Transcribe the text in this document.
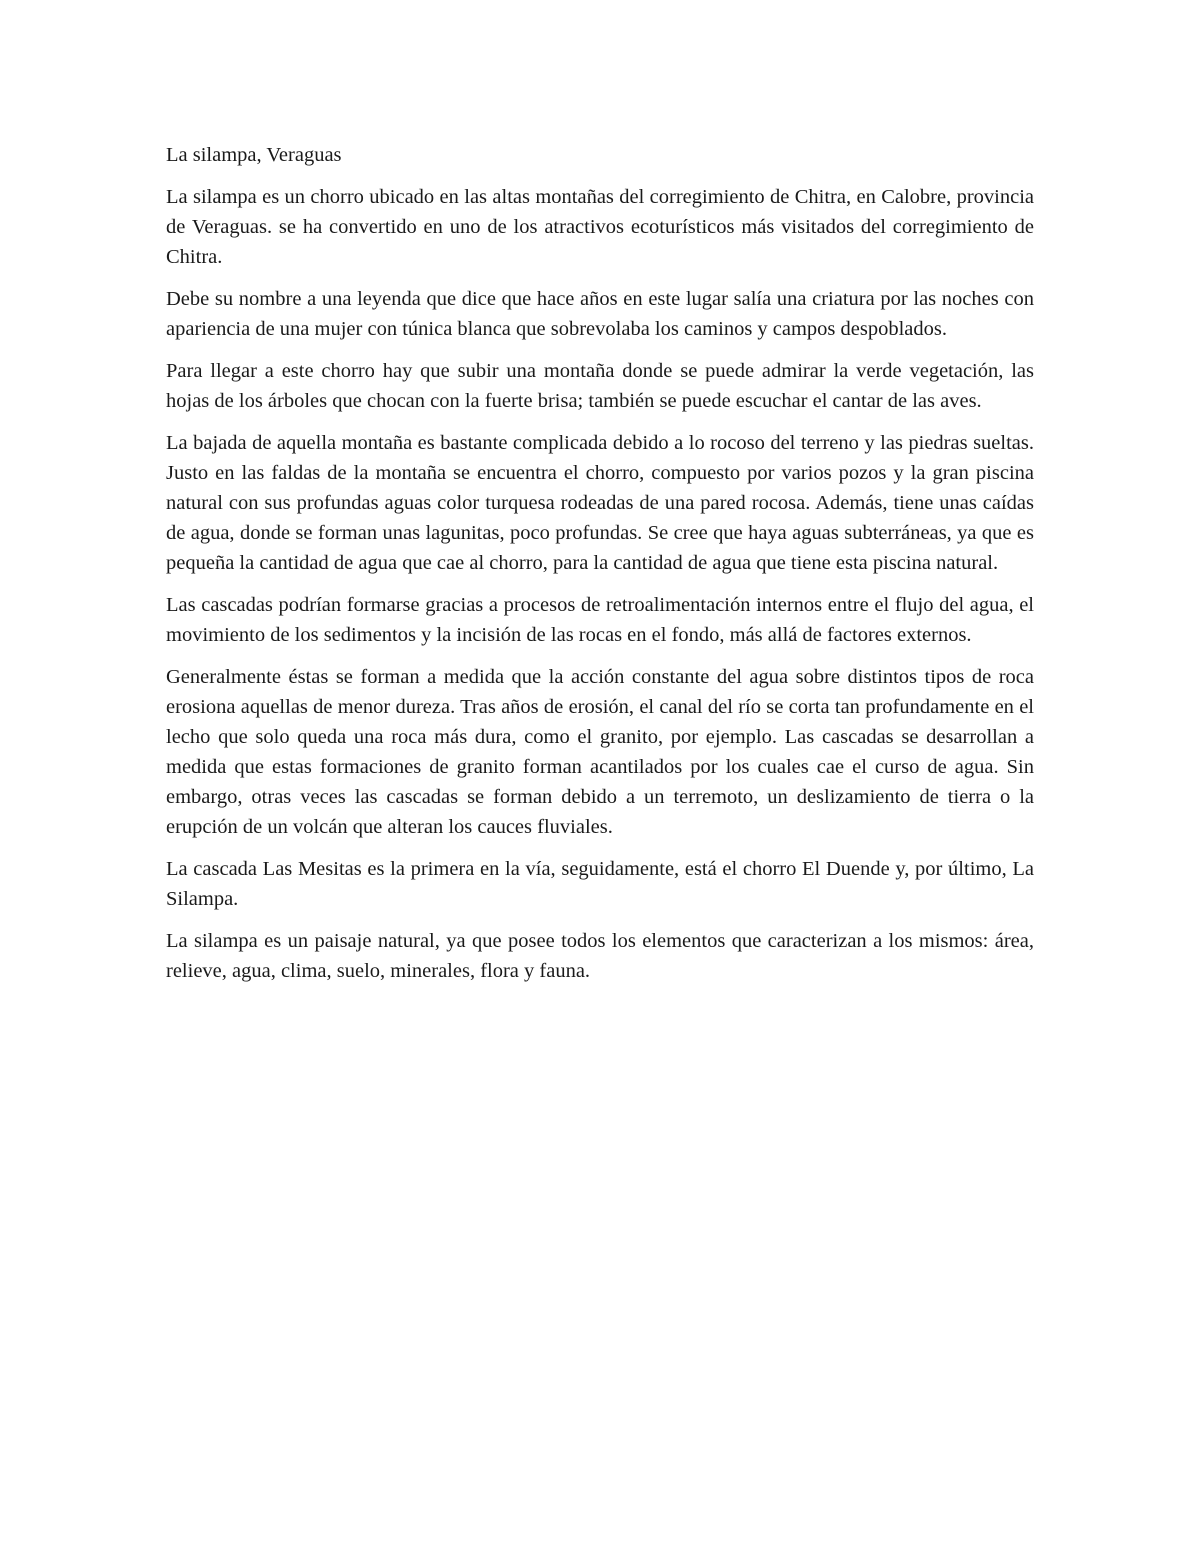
La silampa, Veraguas

La silampa es un chorro ubicado en las altas montañas del corregimiento de Chitra, en Calobre, provincia de Veraguas. se ha convertido en uno de los atractivos ecoturísticos más visitados del corregimiento de Chitra.

Debe su nombre a una leyenda que dice que hace años en este lugar salía una criatura por las noches con apariencia de una mujer con túnica blanca que sobrevolaba los caminos y campos despoblados.

Para llegar a este chorro hay que subir una montaña donde se puede admirar la verde vegetación, las hojas de los árboles que chocan con la fuerte brisa; también se puede escuchar el cantar de las aves.

La bajada de aquella montaña es bastante complicada debido a lo rocoso del terreno y las piedras sueltas. Justo en las faldas de la montaña se encuentra el chorro, compuesto por varios pozos y la gran piscina natural con sus profundas aguas color turquesa rodeadas de una pared rocosa. Además, tiene unas caídas de agua, donde se forman unas lagunitas, poco profundas. Se cree que haya aguas subterráneas, ya que es pequeña la cantidad de agua que cae al chorro, para la cantidad de agua que tiene esta piscina natural.

Las cascadas podrían formarse gracias a procesos de retroalimentación internos entre el flujo del agua, el movimiento de los sedimentos y la incisión de las rocas en el fondo, más allá de factores externos.

Generalmente éstas se forman a medida que la acción constante del agua sobre distintos tipos de roca erosiona aquellas de menor dureza. Tras años de erosión, el canal del río se corta tan profundamente en el lecho que solo queda una roca más dura, como el granito, por ejemplo. Las cascadas se desarrollan a medida que estas formaciones de granito forman acantilados por los cuales cae el curso de agua. Sin embargo, otras veces las cascadas se forman debido a un terremoto, un deslizamiento de tierra o la erupción de un volcán que alteran los cauces fluviales.

La cascada Las Mesitas es la primera en la vía, seguidamente, está el chorro El Duende y, por último, La Silampa.

La silampa es un paisaje natural, ya que posee todos los elementos que caracterizan a los mismos: área, relieve, agua, clima, suelo, minerales, flora y fauna.
